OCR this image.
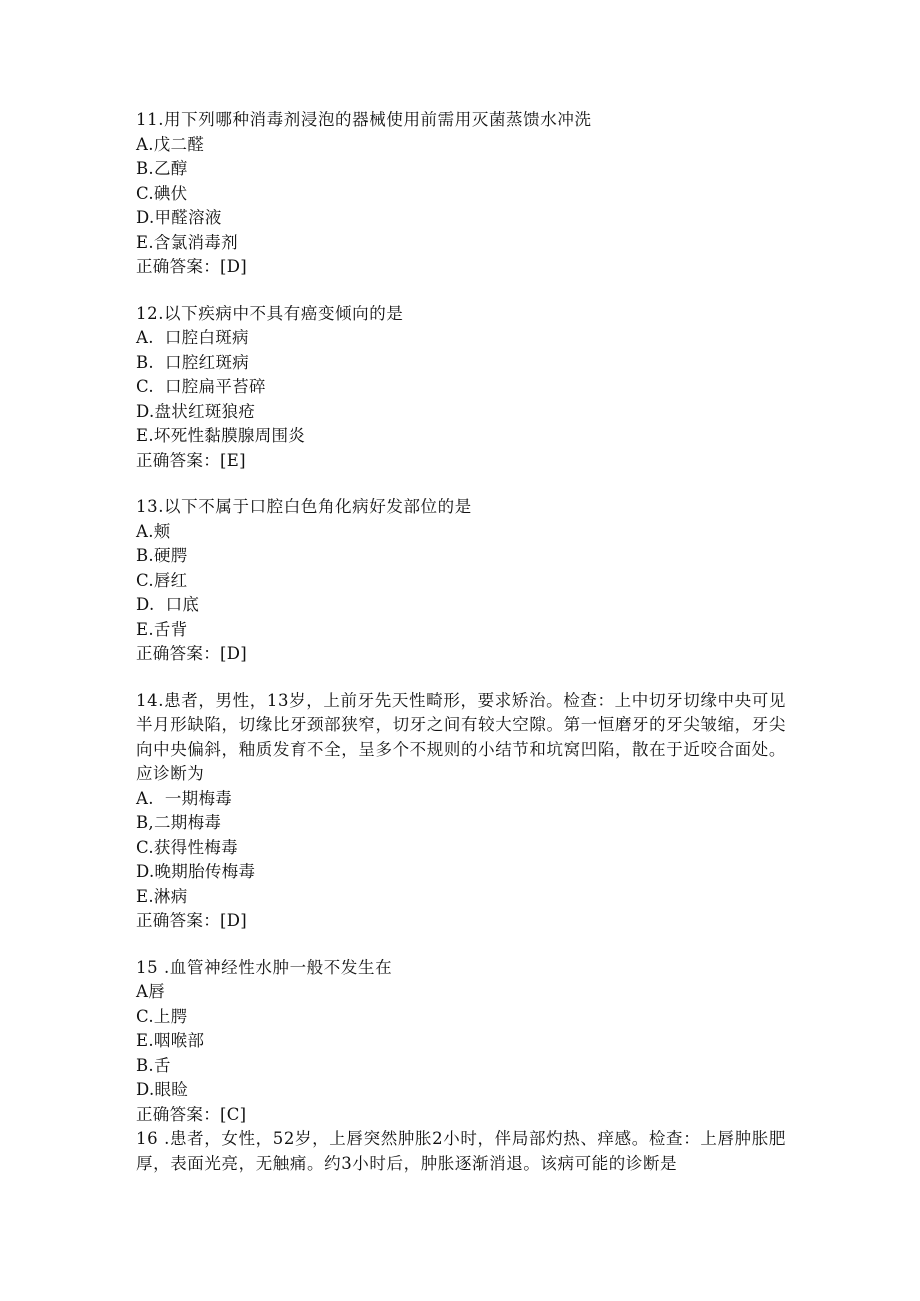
11.用下列哪种消毒剂浸泡的器械使用前需用灭菌蒸馈水冲洗
A.戊二醛
B.乙醇
C.碘伏
D.甲醛溶液
E.含氯消毒剂
正确答案：[D]
12.以下疾病中不具有癌变倾向的是
A.  口腔白斑病
B.  口腔红斑病
C.  口腔扁平苔碎
D.盘状红斑狼疮
E.坏死性黏膜腺周围炎
正确答案：[E]
13.以下不属于口腔白色角化病好发部位的是
A.颊
B.硬腭
C.唇红
D.  口底
E.舌背
正确答案：[D]
14.患者，男性，13岁，上前牙先天性畸形，要求矫治。检查：上中切牙切缘中央可见半月形缺陷，切缘比牙颈部狭窄，切牙之间有较大空隙。第一恒磨牙的牙尖皱缩，牙尖向中央偏斜，釉质发育不全，呈多个不规则的小结节和坑窝凹陷，散在于近咬合面处。应诊断为
A.  一期梅毒
B,二期梅毒
C.获得性梅毒
D.晚期胎传梅毒
E.淋病
正确答案：[D]
15 .血管神经性水肿一般不发生在
A唇
C.上腭
E.咽喉部
B.舌
D.眼睑
正确答案：[C]
16 .患者，女性，52岁，上唇突然肿胀2小时，伴局部灼热、痒感。检查：上唇肿胀肥厚，表面光亮，无触痛。约3小时后，肿胀逐渐消退。该病可能的诊断是
